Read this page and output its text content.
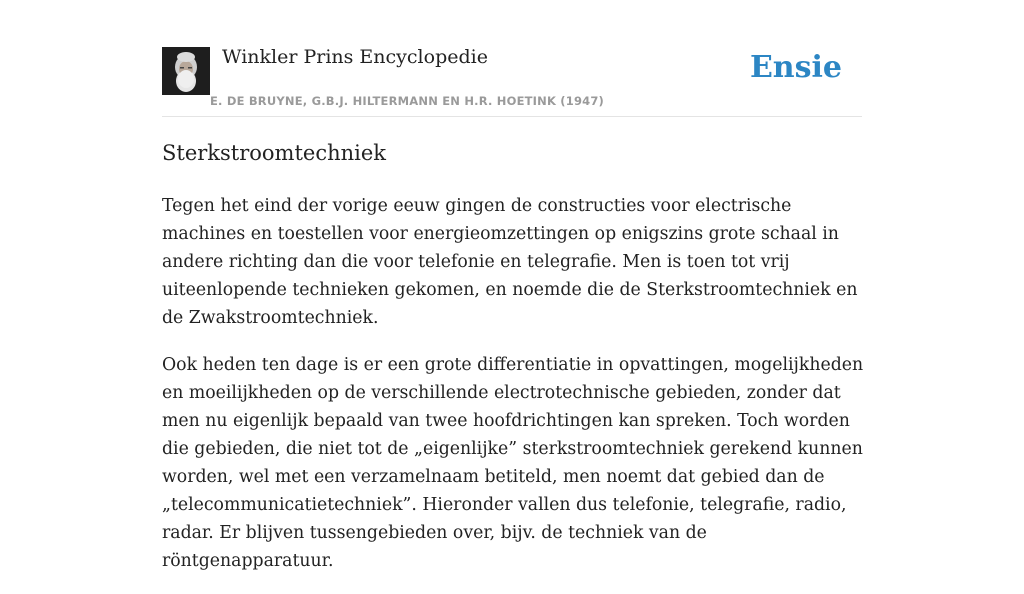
Winkler Prins Encyclopedie
E. DE BRUYNE, G.B.J. HILTERMANN EN H.R. HOETINK (1947)
Ensie
Sterkstroomtechniek

Tegen het eind der vorige eeuw gingen de constructies voor electrische machines en toestellen voor energieomzettingen op enigszins grote schaal in andere richting dan die voor telefonie en telegrafie. Men is toen tot vrij uiteenlopende technieken gekomen, en noemde die de Sterkstroomtechniek en de Zwakstroomtechniek.

Ook heden ten dage is er een grote differentiatie in opvattingen, mogelijkheden en moeilijkheden op de verschillende electrotechnische gebieden, zonder dat men nu eigenlijk bepaald van twee hoofdrichtingen kan spreken. Toch worden die gebieden, die niet tot de „eigenlijke” sterkstroomtechniek gerekend kunnen worden, wel met een verzamelnaam betiteld, men noemt dat gebied dan de „telecommunicatietechniek”. Hieronder vallen dus telefonie, telegrafie, radio, radar. Er blijven tussengebieden over, bijv. de techniek van de röntgenapparatuur.
